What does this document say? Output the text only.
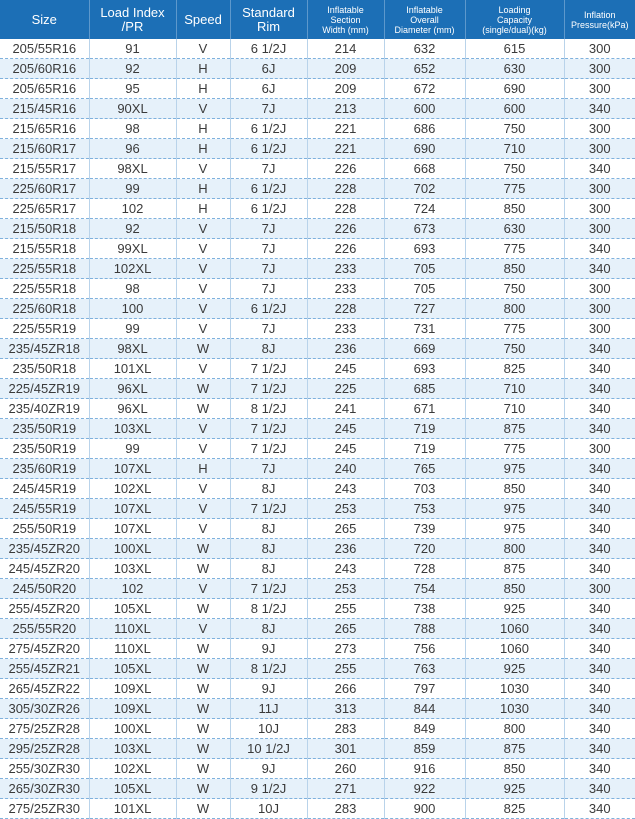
Size	Load Index
/PR	Speed	Standard
Rim	Inflatable
Section
Width (mm)	Inflatable
Overall
Diameter (mm)	Loading
Capacity
(single/dual)(kg)	Inflation
Pressure(kPa)
205/55R16	91	V	6 1/2J	214	632	615	300
205/60R16	92	H	6J	209	652	630	300
205/65R16	95	H	6J	209	672	690	300
215/45R16	90XL	V	7J	213	600	600	340
215/65R16	98	H	6 1/2J	221	686	750	300
215/60R17	96	H	6 1/2J	221	690	710	300
215/55R17	98XL	V	7J	226	668	750	340
225/60R17	99	H	6 1/2J	228	702	775	300
225/65R17	102	H	6 1/2J	228	724	850	300
215/50R18	92	V	7J	226	673	630	300
215/55R18	99XL	V	7J	226	693	775	340
225/55R18	102XL	V	7J	233	705	850	340
225/55R18	98	V	7J	233	705	750	300
225/60R18	100	V	6 1/2J	228	727	800	300
225/55R19	99	V	7J	233	731	775	300
235/45ZR18	98XL	W	8J	236	669	750	340
235/50R18	101XL	V	7 1/2J	245	693	825	340
225/45ZR19	96XL	W	7 1/2J	225	685	710	340
235/40ZR19	96XL	W	8 1/2J	241	671	710	340
235/50R19	103XL	V	7 1/2J	245	719	875	340
235/50R19	99	V	7 1/2J	245	719	775	300
235/60R19	107XL	H	7J	240	765	975	340
245/45R19	102XL	V	8J	243	703	850	340
245/55R19	107XL	V	7 1/2J	253	753	975	340
255/50R19	107XL	V	8J	265	739	975	340
235/45ZR20	100XL	W	8J	236	720	800	340
245/45ZR20	103XL	W	8J	243	728	875	340
245/50R20	102	V	7 1/2J	253	754	850	300
255/45ZR20	105XL	W	8 1/2J	255	738	925	340
255/55R20	110XL	V	8J	265	788	1060	340
275/45ZR20	110XL	W	9J	273	756	1060	340
255/45ZR21	105XL	W	8 1/2J	255	763	925	340
265/45ZR22	109XL	W	9J	266	797	1030	340
305/30ZR26	109XL	W	11J	313	844	1030	340
275/25ZR28	100XL	W	10J	283	849	800	340
295/25ZR28	103XL	W	10 1/2J	301	859	875	340
255/30ZR30	102XL	W	9J	260	916	850	340
265/30ZR30	105XL	W	9 1/2J	271	922	925	340
275/25ZR30	101XL	W	10J	283	900	825	340
